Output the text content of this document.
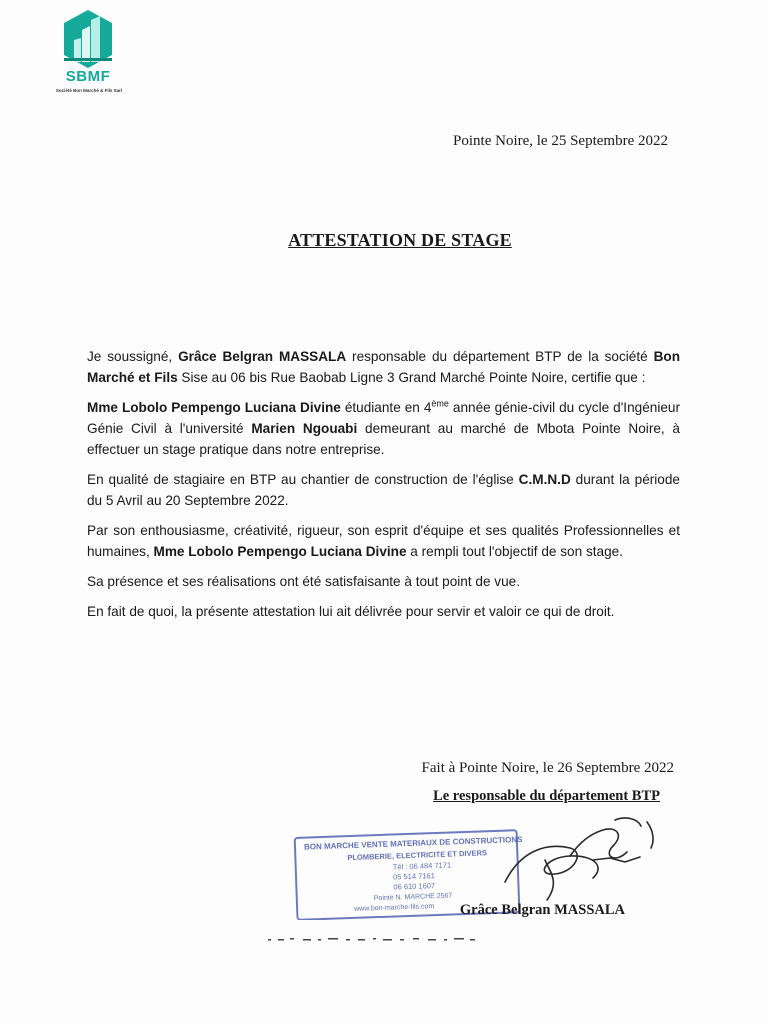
SBMF
Société Bon Marché & Fils Sarl
Pointe Noire, le 25 Septembre 2022
ATTESTATION DE STAGE

Je soussigné, Grâce Belgran MASSALA responsable du département BTP de la société Bon Marché et Fils Sise au 06 bis Rue Baobab Ligne 3 Grand Marché Pointe Noire, certifie que :

Mme Lobolo Pempengo Luciana Divine étudiante en 4ème année génie-civil du cycle d'Ingénieur Génie Civil à l'université Marien Ngouabi demeurant au marché de Mbota Pointe Noire, à effectuer un stage pratique dans notre entreprise.

En qualité de stagiaire en BTP au chantier de construction de l'église C.M.N.D durant la période du 5 Avril au 20 Septembre 2022.

Par son enthousiasme, créativité, rigueur, son esprit d'équipe et ses qualités Professionnelles et humaines, Mme Lobolo Pempengo Luciana Divine a rempli tout l'objectif de son stage.

Sa présence et ses réalisations ont été satisfaisante à tout point de vue.

En fait de quoi, la présente attestation lui ait délivrée pour servir et valoir ce qui de droit.

Fait à Pointe Noire, le 26 Septembre 2022
Le responsable du département BTP
BON MARCHE VENTE MATERIAUX DE CONSTRUCTIONS
PLOMBERIE, ELECTRICITE ET DIVERS
Tél : 06 484 7171
05 514 7161
06 610 1607
Pointe N. MARCHE 2567
www.bon-marche-fils.com Grâce Belgran MASSALA
